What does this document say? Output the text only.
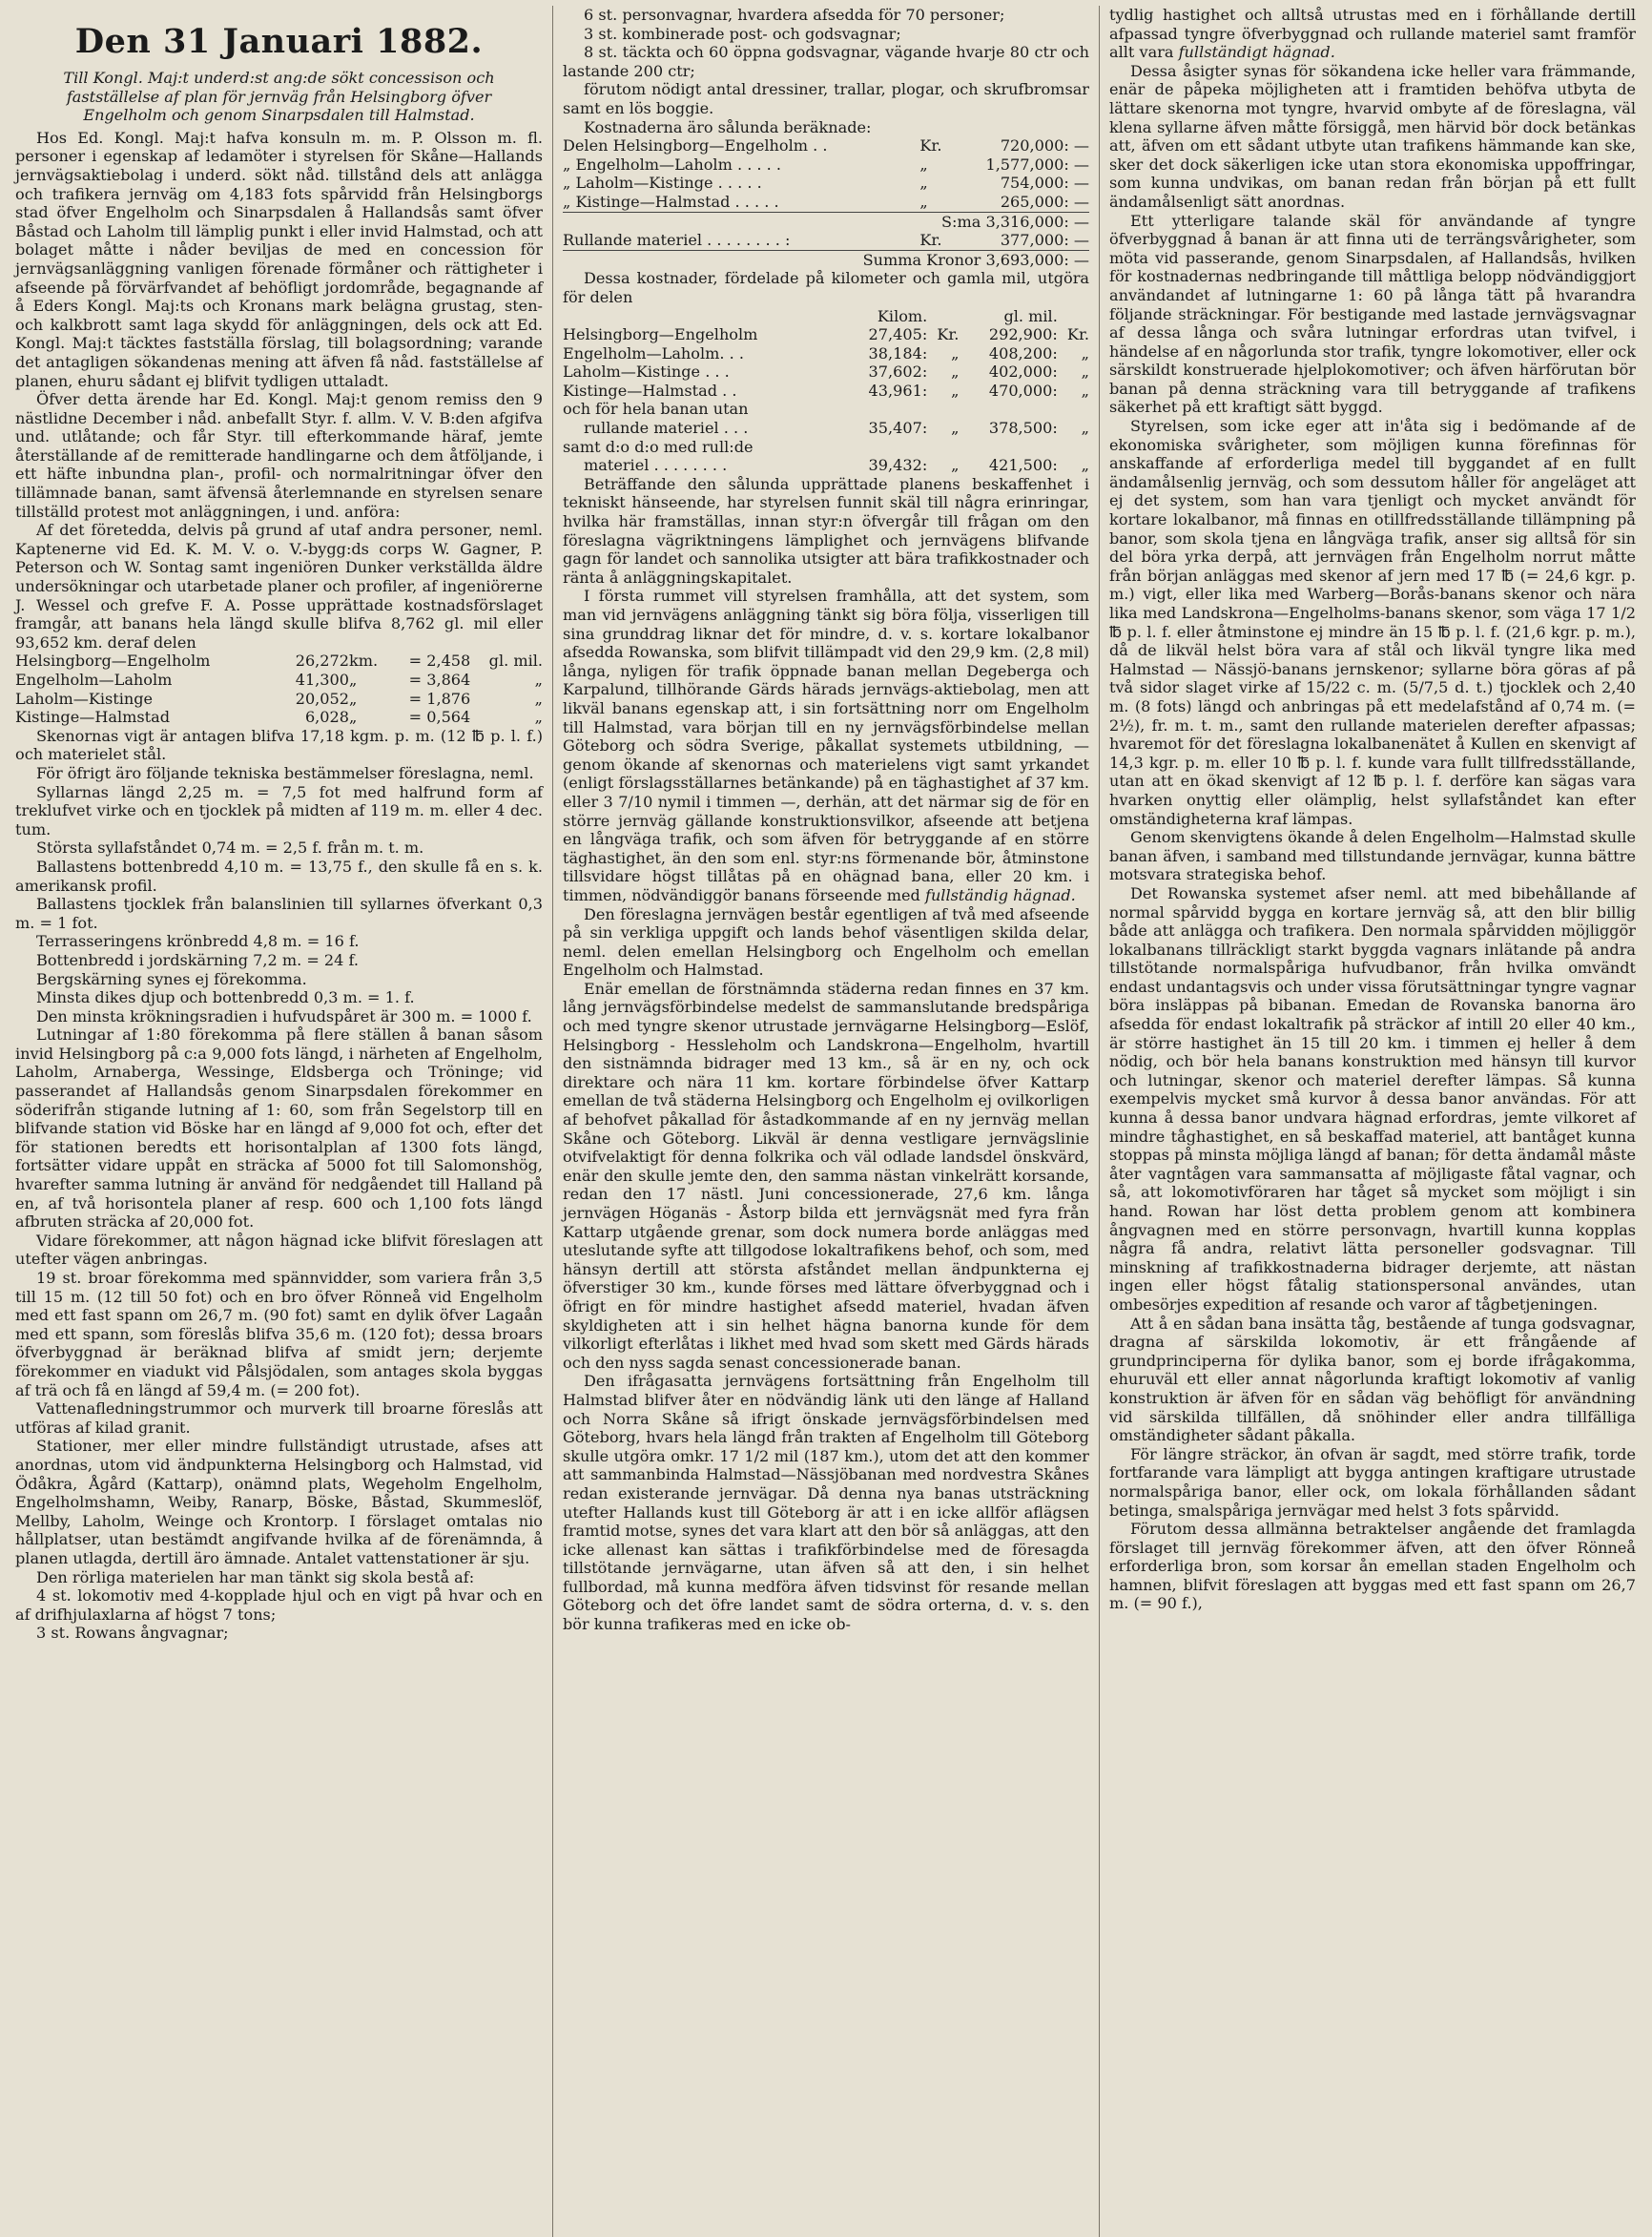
Den 31 Januari 1882.
Till Kongl. Maj:t underd:st ang:de sökt concessison och fastställelse af plan för jernväg från Helsingborg öfver Engelholm och genom Sinarpsdalen till Halmstad.

Hos Ed. Kongl. Maj:t hafva konsuln m. m. P. Olsson m. fl. personer i egenskap af ledamöter i styrelsen för Skåne—Hallands jernvägsaktiebolag i underd. sökt nåd. tillstånd dels att anlägga och trafikera jernväg om 4,183 fots spårvidd från Helsingborgs stad öfver Engelholm och Sinarpsdalen å Hallandsås samt öfver Båstad och Laholm till lämplig punkt i eller invid Halmstad, och att bolaget måtte i nåder beviljas de med en concession för jernvägsanläggning vanligen förenade förmåner och rättigheter i afseende på förvärfvandet af behöfligt jordområde, begagnande af å Eders Kongl. Maj:ts och Kronans mark belägna grustag, sten- och kalkbrott samt laga skydd för anläggningen, dels ock att Ed. Kongl. Maj:t täcktes fastställa förslag, till bolagsordning; varande det antagligen sökandenas mening att äfven få nåd. fastställelse af planen, ehuru sådant ej blifvit tydligen uttaladt.

Öfver detta ärende har Ed. Kongl. Maj:t genom remiss den 9 nästlidne December i nåd. anbefallt Styr. f. allm. V. V. B:den afgifva und. utlåtande; och får Styr. till efterkommande häraf, jemte återställande af de remitterade handlingarne och dem åtföljande, i ett häfte inbundna plan-, profil- och normalritningar öfver den tillämnade banan, samt äfvensä återlemnande en styrelsen senare tillställd protest mot anläggningen, i und. anföra:

Af det företedda, delvis på grund af utaf andra personer, neml. Kaptenerne vid Ed. K. M. V. o. V.-bygg:ds corps W. Gagner, P. Peterson och W. Sontag samt ingeniören Dunker verkställda äldre undersökningar och utarbetade planer och profiler, af ingeniörerne J. Wessel och grefve F. A. Posse upprättade kostnadsförslaget framgår, att banans hela längd skulle blifva 8,762 gl. mil eller 93,652 km. deraf delen

Helsingborg—Engelholm	26,272	km.	= 2,458	gl. mil.
Engelholm—Laholm	41,300	„	= 3,864	„
Laholm—Kistinge	20,052	„	= 1,876	„
Kistinge—Halmstad	6,028	„	= 0,564	„

Skenornas vigt är antagen blifva 17,18 kgm. p. m. (12 ℔ p. l. f.) och materielet stål.

För öfrigt äro följande tekniska bestämmelser föreslagna, neml.

Syllarnas längd 2,25 m. = 7,5 fot med halfrund form af treklufvet virke och en tjocklek på midten af 119 m. m. eller 4 dec. tum.

Största syllafståndet 0,74 m. = 2,5 f. från m. t. m.

Ballastens bottenbredd 4,10 m. = 13,75 f., den skulle få en s. k. amerikansk profil.

Ballastens tjocklek från balanslinien till syllarnes öfverkant 0,3 m. = 1 fot.

Terrasseringens krönbredd 4,8 m. = 16 f.

Bottenbredd i jordskärning 7,2 m. = 24 f.

Bergskärning synes ej förekomma.

Minsta dikes djup och bottenbredd 0,3 m. = 1. f.

Den minsta krökningsradien i hufvudspåret är 300 m. = 1000 f.

Lutningar af 1:80 förekomma på flere ställen å banan såsom invid Helsingborg på c:a 9,000 fots längd, i närheten af Engelholm, Laholm, Arnaberga, Wessinge, Eldsberga och Tröninge; vid passerandet af Hallandsås genom Sinarpsdalen förekommer en söderifrån stigande lutning af 1: 60, som från Segelstorp till en blifvande station vid Böske har en längd af 9,000 fot och, efter det för stationen beredts ett horisontalplan af 1300 fots längd, fortsätter vidare uppåt en sträcka af 5000 fot till Salomonshög, hvarefter samma lutning är använd för nedgåendet till Halland på en, af två horisontela planer af resp. 600 och 1,100 fots längd afbruten sträcka af 20,000 fot.

Vidare förekommer, att någon hägnad icke blifvit föreslagen att utefter vägen anbringas.

19 st. broar förekomma med spännvidder, som variera från 3,5 till 15 m. (12 till 50 fot) och en bro öfver Rönneå vid Engelholm med ett fast spann om 26,7 m. (90 fot) samt en dylik öfver Lagaån med ett spann, som föreslås blifva 35,6 m. (120 fot); dessa broars öfverbyggnad är beräknad blifva af smidt jern; derjemte förekommer en viadukt vid Pålsjödalen, som antages skola byggas af trä och få en längd af 59,4 m. (= 200 fot).

Vattenafledningstrummor och murverk till broarne föreslås att utföras af kilad granit.

Stationer, mer eller mindre fullständigt utrustade, afses att anordnas, utom vid ändpunkterna Helsingborg och Halmstad, vid Ödåkra, Ågård (Kattarp), onämnd plats, Wegeholm Engelholm, Engelholmshamn, Weiby, Ranarp, Böske, Båstad, Skummeslöf, Mellby, Laholm, Weinge och Krontorp. I förslaget omtalas nio hållplatser, utan bestämdt angifvande hvilka af de förenämnda, å planen utlagda, dertill äro ämnade. Antalet vattenstationer är sju.

Den rörliga materielen har man tänkt sig skola bestå af:

4 st. lokomotiv med 4-kopplade hjul och en vigt på hvar och en af drifhjulaxlarna af högst 7 tons;

3 st. Rowans ångvagnar;

6 st. personvagnar, hvardera afsedda för 70 personer;

3 st. kombinerade post- och godsvagnar;

8 st. täckta och 60 öppna godsvagnar, vägande hvarje 80 ctr och lastande 200 ctr;

förutom nödigt antal dressiner, trallar, plogar, och skrufbromsar samt en lös boggie.

Kostnaderna äro sålunda beräknade:

Delen Helsingborg—Engelholm . .	Kr.	720,000: —
„ Engelholm—Laholm . . . . .	„	1,577,000: —
„ Laholm—Kistinge . . . . .	„	754,000: —
„ Kistinge—Halmstad . . . . .	„	265,000: —
S:ma 3,316,000: —		
Rullande materiel . . . . . . . . :	Kr.	377,000: —
Summa Kronor 3,693,000: —		

Dessa kostnader, fördelade på kilometer och gamla mil, utgöra för delen

	Kilom.		gl. mil.	
Helsingborg—Engelholm	27,405:	Kr.	292,900:	Kr.
Engelholm—Laholm. . .	38,184:	„	408,200:	„
Laholm—Kistinge . . .	37,602:	„	402,000:	„
Kistinge—Halmstad . .	43,961:	„	470,000:	„
och för hela banan utan				
rullande materiel . . .	35,407:	„	378,500:	„
samt d:o d:o med rull:de				
materiel . . . . . . . .	39,432:	„	421,500:	„

Beträffande den sålunda upprättade planens beskaffenhet i tekniskt hänseende, har styrelsen funnit skäl till några erinringar, hvilka här framställas, innan styr:n öfvergår till frågan om den föreslagna vägriktningens lämplighet och jernvägens blifvande gagn för landet och sannolika utsigter att bära trafikkostnader och ränta å anläggningskapitalet.

I första rummet vill styrelsen framhålla, att det system, som man vid jernvägens anläggning tänkt sig böra följa, visserligen till sina grunddrag liknar det för mindre, d. v. s. kortare lokalbanor afsedda Rowanska, som blifvit tillämpadt vid den 29,9 km. (2,8 mil) långa, nyligen för trafik öppnade banan mellan Degeberga och Karpalund, tillhörande Gärds härads jernvägs-aktiebolag, men att likväl banans egenskap att, i sin fortsättning norr om Engelholm till Halmstad, vara början till en ny jernvägsförbindelse mellan Göteborg och södra Sverige, påkallat systemets utbildning, — genom ökande af skenornas och materielens vigt samt yrkandet (enligt förslagsställarnes betänkande) på en täghastighet af 37 km. eller 3 7/10 nymil i timmen —, derhän, att det närmar sig de för en större jernväg gällande konstruktionsvilkor, afseende att betjena en långväga trafik, och som äfven för betryggande af en större täghastighet, än den som enl. styr:ns förmenande bör, åtminstone tillsvidare högst tillåtas på en ohägnad bana, eller 20 km. i timmen, nödvändiggör banans förseende med fullständig hägnad.

Den föreslagna jernvägen består egentligen af två med afseende på sin verkliga uppgift och lands behof väsentligen skilda delar, neml. delen emellan Helsingborg och Engelholm och emellan Engelholm och Halmstad.

Enär emellan de förstnämnda städerna redan finnes en 37 km. lång jernvägsförbindelse medelst de sammanslutande bredspåriga och med tyngre skenor utrustade jernvägarne Helsingborg—Eslöf, Helsingborg - Hessleholm och Landskrona—Engelholm, hvartill den sistnämnda bidrager med 13 km., så är en ny, och ock direktare och nära 11 km. kortare förbindelse öfver Kattarp emellan de två städerna Helsingborg och Engelholm ej ovilkorligen af behofvet påkallad för åstadkommande af en ny jernväg mellan Skåne och Göteborg. Likväl är denna vestligare jernvägslinie otvifvelaktigt för denna folkrika och väl odlade landsdel önskvärd, enär den skulle jemte den, den samma nästan vinkelrätt korsande, redan den 17 nästl. Juni concessionerade, 27,6 km. långa jernvägen Höganäs - Åstorp bilda ett jernvägsnät med fyra från Kattarp utgående grenar, som dock numera borde anläggas med uteslutande syfte att tillgodose lokaltrafikens behof, och som, med hänsyn dertill att största afståndet mellan ändpunkterna ej öfverstiger 30 km., kunde förses med lättare öfverbyggnad och i öfrigt en för mindre hastighet afsedd materiel, hvadan äfven skyldigheten att i sin helhet hägna banorna kunde för dem vilkorligt efterlåtas i likhet med hvad som skett med Gärds härads och den nyss sagda senast concessionerade banan.

Den ifrågasatta jernvägens fortsättning från Engelholm till Halmstad blifver åter en nödvändig länk uti den länge af Halland och Norra Skåne så ifrigt önskade jernvägsförbindelsen med Göteborg, hvars hela längd från trakten af Engelholm till Göteborg skulle utgöra omkr. 17 1/2 mil (187 km.), utom det att den kommer att sammanbinda Halmstad—Nässjöbanan med nordvestra Skånes redan existerande jernvägar. Då denna nya banas utsträckning utefter Hallands kust till Göteborg är att i en icke allför aflägsen framtid motse, synes det vara klart att den bör så anläggas, att den icke allenast kan sättas i trafikförbindelse med de föresagda tillstötande jernvägarne, utan äfven så att den, i sin helhet fullbordad, må kunna medföra äfven tidsvinst för resande mellan Göteborg och det öfre landet samt de södra orterna, d. v. s. den bör kunna trafikeras med en icke ob-

tydlig hastighet och alltså utrustas med en i förhållande dertill afpassad tyngre öfverbyggnad och rullande materiel samt framför allt vara fullständigt hägnad.

Dessa åsigter synas för sökandena icke heller vara främmande, enär de påpeka möjligheten att i framtiden behöfva utbyta de lättare skenorna mot tyngre, hvarvid ombyte af de föreslagna, väl klena syllarne äfven måtte försiggå, men härvid bör dock betänkas att, äfven om ett sådant utbyte utan trafikens hämmande kan ske, sker det dock säkerligen icke utan stora ekonomiska uppoffringar, som kunna undvikas, om banan redan från början på ett fullt ändamålsenligt sätt anordnas.

Ett ytterligare talande skäl för användande af tyngre öfverbyggnad å banan är att finna uti de terrängsvårigheter, som möta vid passerande, genom Sinarpsdalen, af Hallandsås, hvilken för kostnadernas nedbringande till måttliga belopp nödvändiggjort användandet af lutningarne 1: 60 på långa tätt på hvarandra följande sträckningar. För bestigande med lastade jernvägsvagnar af dessa långa och svåra lutningar erfordras utan tvifvel, i händelse af en någorlunda stor trafik, tyngre lokomotiver, eller ock särskildt konstruerade hjelplokomotiver; och äfven härförutan bör banan på denna sträckning vara till betryggande af trafikens säkerhet på ett kraftigt sätt byggd.

Styrelsen, som icke eger att in'åta sig i bedömande af de ekonomiska svårigheter, som möjligen kunna förefinnas för anskaffande af erforderliga medel till byggandet af en fullt ändamålsenlig jernväg, och som dessutom håller för angeläget att ej det system, som han vara tjenligt och mycket användt för kortare lokalbanor, må finnas en otillfredsställande tillämpning på banor, som skola tjena en långväga trafik, anser sig alltså för sin del böra yrka derpå, att jernvägen från Engelholm norrut måtte från början anläggas med skenor af jern med 17 ℔ (= 24,6 kgr. p. m.) vigt, eller lika med Warberg—Borås-banans skenor och nära lika med Landskrona—Engelholms-banans skenor, som väga 17 1/2 ℔ p. l. f. eller åtminstone ej mindre än 15 ℔ p. l. f. (21,6 kgr. p. m.), då de likväl helst böra vara af stål och likväl tyngre lika med Halmstad — Nässjö-banans jernskenor; syllarne böra göras af på två sidor slaget virke af 15/22 c. m. (5/7,5 d. t.) tjocklek och 2,40 m. (8 fots) längd och anbringas på ett medelafstånd af 0,74 m. (= 2½), fr. m. t. m., samt den rullande materielen derefter afpassas; hvaremot för det föreslagna lokalbanenätet å Kullen en skenvigt af 14,3 kgr. p. m. eller 10 ℔ p. l. f. kunde vara fullt tillfredsställande, utan att en ökad skenvigt af 12 ℔ p. l. f. derföre kan sägas vara hvarken onyttig eller olämplig, helst syllafståndet kan efter omständigheterna kraf lämpas.

Genom skenvigtens ökande å delen Engelholm—Halmstad skulle banan äfven, i samband med tillstundande jernvägar, kunna bättre motsvara strategiska behof.

Det Rowanska systemet afser neml. att med bibehållande af normal spårvidd bygga en kortare jernväg så, att den blir billig både att anlägga och trafikera. Den normala spårvidden möjliggör lokalbanans tillräckligt starkt byggda vagnars inlätande på andra tillstötande normalspåriga hufvudbanor, från hvilka omvändt endast undantagsvis och under vissa förutsättningar tyngre vagnar böra insläppas på bibanan. Emedan de Rovanska banorna äro afsedda för endast lokaltrafik på sträckor af intill 20 eller 40 km., är större hastighet än 15 till 20 km. i timmen ej heller å dem nödig, och bör hela banans konstruktion med hänsyn till kurvor och lutningar, skenor och materiel derefter lämpas. Så kunna exempelvis mycket små kurvor å dessa banor användas. För att kunna å dessa banor undvara hägnad erfordras, jemte vilkoret af mindre tåghastighet, en så beskaffad materiel, att bantåget kunna stoppas på minsta möjliga längd af banan; för detta ändamål måste åter vagntågen vara sammansatta af möjligaste fåtal vagnar, och så, att lokomotivföraren har tåget så mycket som möjligt i sin hand. Rowan har löst detta problem genom att kombinera ångvagnen med en större personvagn, hvartill kunna kopplas några få andra, relativt lätta personeller godsvagnar. Till minskning af trafikkostnaderna bidrager derjemte, att nästan ingen eller högst fåtalig stationspersonal användes, utan ombesörjes expedition af resande och varor af tågbetjeningen.

Att å en sådan bana insätta tåg, bestående af tunga godsvagnar, dragna af särskilda lokomotiv, är ett frångående af grundprinciperna för dylika banor, som ej borde ifrågakomma, ehuruväl ett eller annat någorlunda kraftigt lokomotiv af vanlig konstruktion är äfven för en sådan väg behöfligt för användning vid särskilda tillfällen, då snöhinder eller andra tillfälliga omständigheter sådant påkalla.

För längre sträckor, än ofvan är sagdt, med större trafik, torde fortfarande vara lämpligt att bygga antingen kraftigare utrustade normalspåriga banor, eller ock, om lokala förhållanden sådant betinga, smalspåriga jernvägar med helst 3 fots spårvidd.

Förutom dessa allmänna betraktelser angående det framlagda förslaget till jernväg förekommer äfven, att den öfver Rönneå erforderliga bron, som korsar ån emellan staden Engelholm och hamnen, blifvit föreslagen att byggas med ett fast spann om 26,7 m. (= 90 f.),
